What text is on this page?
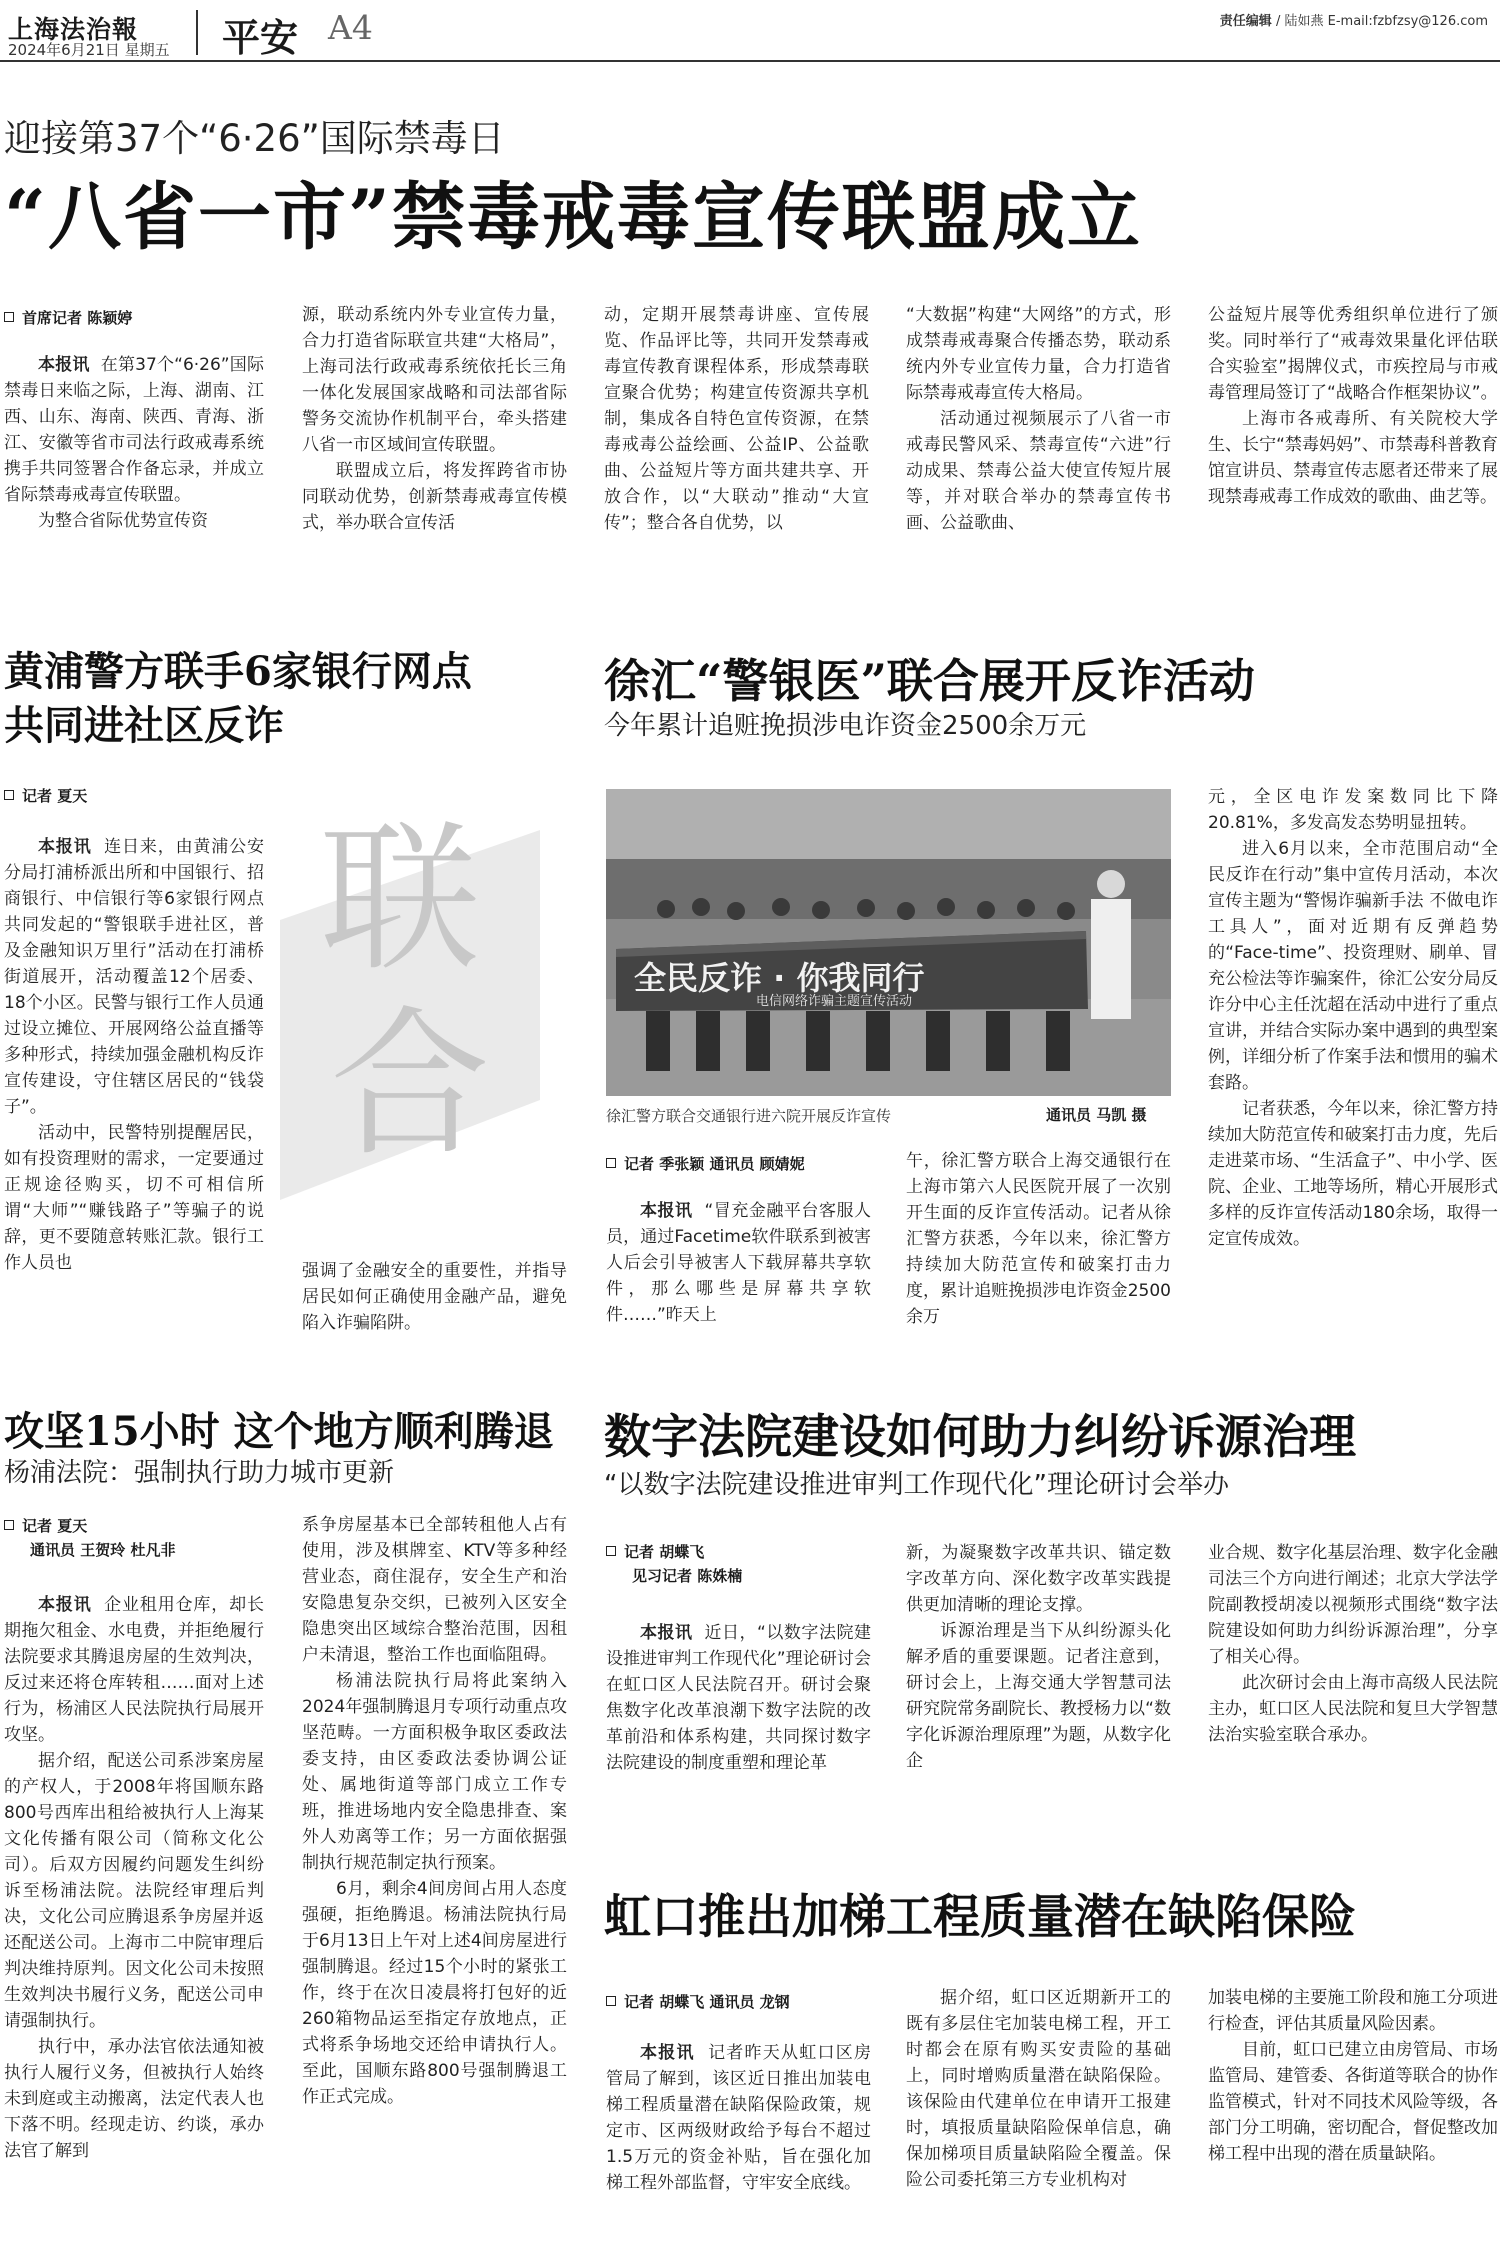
上海法治報
2024年6月21日 星期五 平安 A4	责任编辑 / 陆如燕 E-mail:fzbfzsy@126.com
迎接第37个“6·26”国际禁毒日
“八省一市”禁毒戒毒宣传联盟成立
首席记者 陈颖婷

本报讯 在第37个“6·26”国际禁毒日来临之际，上海、湖南、江西、山东、海南、陕西、青海、浙江、安徽等省市司法行政戒毒系统携手共同签署合作备忘录，并成立省际禁毒戒毒宣传联盟。

为整合省际优势宣传资

源，联动系统内外专业宣传力量，合力打造省际联宣共建“大格局”，上海司法行政戒毒系统依托长三角一体化发展国家战略和司法部省际警务交流协作机制平台，牵头搭建八省一市区域间宣传联盟。

联盟成立后，将发挥跨省市协同联动优势，创新禁毒戒毒宣传模式，举办联合宣传活

动，定期开展禁毒讲座、宣传展览、作品评比等，共同开发禁毒戒毒宣传教育课程体系，形成禁毒联宣聚合优势；构建宣传资源共享机制，集成各自特色宣传资源，在禁毒戒毒公益绘画、公益IP、公益歌曲、公益短片等方面共建共享、开放合作，以“大联动”推动“大宣传”；整合各自优势，以

“大数据”构建“大网络”的方式，形成禁毒戒毒聚合传播态势，联动系统内外专业宣传力量，合力打造省际禁毒戒毒宣传大格局。

活动通过视频展示了八省一市戒毒民警风采、禁毒宣传“六进”行动成果、禁毒公益大使宣传短片展等，并对联合举办的禁毒宣传书画、公益歌曲、

公益短片展等优秀组织单位进行了颁奖。同时举行了“戒毒效果量化评估联合实验室”揭牌仪式，市疾控局与市戒毒管理局签订了“战略合作框架协议”。

上海市各戒毒所、有关院校大学生、长宁“禁毒妈妈”、市禁毒科普教育馆宣讲员、禁毒宣传志愿者还带来了展现禁毒戒毒工作成效的歌曲、曲艺等。

黄浦警方联手6家银行网点
共同进社区反诈
记者 夏天
联
合

本报讯 连日来，由黄浦公安分局打浦桥派出所和中国银行、招商银行、中信银行等6家银行网点共同发起的“警银联手进社区，普及金融知识万里行”活动在打浦桥街道展开，活动覆盖12个居委、18个小区。民警与银行工作人员通过设立摊位、开展网络公益直播等多种形式，持续加强金融机构反诈宣传建设，守住辖区居民的“钱袋子”。

活动中，民警特别提醒居民，如有投资理财的需求，一定要通过正规途径购买，切不可相信所谓“大师”“赚钱路子”等骗子的说辞，更不要随意转账汇款。银行工作人员也	强调了金融安全的重要性，并指导居民如何正确使用金融产品，避免陷入诈骗陷阱。

徐汇“警银医”联合展开反诈活动
今年累计追赃挽损涉电诈资金2500余万元
全民反诈 · 你我同行
电信网络诈骗主题宣传活动
徐汇警方联合交通银行进六院开展反诈宣传	通讯员 马凯 摄
记者 季张颖 通讯员 顾婧妮

本报讯 “冒充金融平台客服人员，通过Facetime软件联系到被害人后会引导被害人下载屏幕共享软件，那么哪些是屏幕共享软件……”昨天上

午，徐汇警方联合上海交通银行在上海市第六人民医院开展了一次别开生面的反诈宣传活动。记者从徐汇警方获悉，今年以来，徐汇警方持续加大防范宣传和破案打击力度，累计追赃挽损涉电诈资金2500余万

元，全区电诈发案数同比下降20.81%，多发高发态势明显扭转。

进入6月以来，全市范围启动“全民反诈在行动”集中宣传月活动，本次宣传主题为“警惕诈骗新手法 不做电诈工具人”，面对近期有反弹趋势的“Face-time”、投资理财、刷单、冒充公检法等诈骗案件，徐汇公安分局反诈分中心主任沈超在活动中进行了重点宣讲，并结合实际办案中遇到的典型案例，详细分析了作案手法和惯用的骗术套路。

记者获悉，今年以来，徐汇警方持续加大防范宣传和破案打击力度，先后走进菜市场、“生活盒子”、中小学、医院、企业、工地等场所，精心开展形式多样的反诈宣传活动180余场，取得一定宣传成效。

攻坚15小时 这个地方顺利腾退
杨浦法院：强制执行助力城市更新
记者 夏天
通讯员 王贺玲 杜凡非

本报讯 企业租用仓库，却长期拖欠租金、水电费，并拒绝履行法院要求其腾退房屋的生效判决，反过来还将仓库转租……面对上述行为，杨浦区人民法院执行局展开攻坚。

据介绍，配送公司系涉案房屋的产权人，于2008年将国顺东路800号西库出租给被执行人上海某文化传播有限公司（简称文化公司）。后双方因履约问题发生纠纷诉至杨浦法院。法院经审理后判决，文化公司应腾退系争房屋并返还配送公司。上海市二中院审理后判决维持原判。因文化公司未按照生效判决书履行义务，配送公司申请强制执行。

执行中，承办法官依法通知被执行人履行义务，但被执行人始终未到庭或主动搬离，法定代表人也下落不明。经现走访、约谈，承办法官了解到

系争房屋基本已全部转租他人占有使用，涉及棋牌室、KTV等多种经营业态，商住混存，安全生产和治安隐患复杂交织，已被列入区安全隐患突出区域综合整治范围，因租户未清退，整治工作也面临阻碍。

杨浦法院执行局将此案纳入2024年强制腾退月专项行动重点攻坚范畴。一方面积极争取区委政法委支持，由区委政法委协调公证处、属地街道等部门成立工作专班，推进场地内安全隐患排查、案外人劝离等工作；另一方面依据强制执行规范制定执行预案。

6月，剩余4间房间占用人态度强硬，拒绝腾退。杨浦法院执行局于6月13日上午对上述4间房屋进行强制腾退。经过15个小时的紧张工作，终于在次日凌晨将打包好的近260箱物品运至指定存放地点，正式将系争场地交还给申请执行人。至此，国顺东路800号强制腾退工作正式完成。

数字法院建设如何助力纠纷诉源治理
“以数字法院建设推进审判工作现代化”理论研讨会举办
记者 胡蝶飞
见习记者 陈姝楠

本报讯 近日，“以数字法院建设推进审判工作现代化”理论研讨会在虹口区人民法院召开。研讨会聚焦数字化改革浪潮下数字法院的改革前沿和体系构建，共同探讨数字法院建设的制度重塑和理论革

新，为凝聚数字改革共识、锚定数字改革方向、深化数字改革实践提供更加清晰的理论支撑。

诉源治理是当下从纠纷源头化解矛盾的重要课题。记者注意到，研讨会上，上海交通大学智慧司法研究院常务副院长、教授杨力以“数字化诉源治理原理”为题，从数字化企

业合规、数字化基层治理、数字化金融司法三个方向进行阐述；北京大学法学院副教授胡凌以视频形式围绕“数字法院建设如何助力纠纷诉源治理”，分享了相关心得。

此次研讨会由上海市高级人民法院主办，虹口区人民法院和复旦大学智慧法治实验室联合承办。

虹口推出加梯工程质量潜在缺陷保险
记者 胡蝶飞 通讯员 龙钢

本报讯 记者昨天从虹口区房管局了解到，该区近日推出加装电梯工程质量潜在缺陷保险政策，规定市、区两级财政给予每台不超过1.5万元的资金补贴，旨在强化加梯工程外部监督，守牢安全底线。

据介绍，虹口区近期新开工的既有多层住宅加装电梯工程，开工时都会在原有购买安责险的基础上，同时增购质量潜在缺陷保险。该保险由代建单位在申请开工报建时，填报质量缺陷险保单信息，确保加梯项目质量缺陷险全覆盖。保险公司委托第三方专业机构对

加装电梯的主要施工阶段和施工分项进行检查，评估其质量风险因素。

目前，虹口已建立由房管局、市场监管局、建管委、各街道等联合的协作监管模式，针对不同技术风险等级，各部门分工明确，密切配合，督促整改加梯工程中出现的潜在质量缺陷。
